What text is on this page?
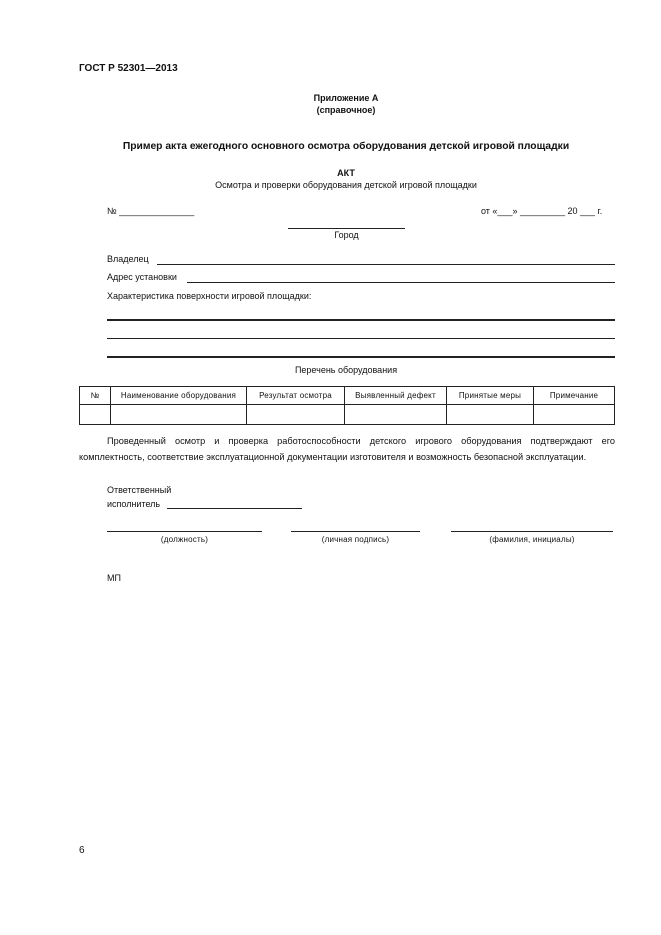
ГОСТ Р 52301—2013
Приложение А
(справочное)
Пример акта ежегодного основного осмотра оборудования детской игровой площадки
АКТ
Осмотра и проверки оборудования детской игровой площадки
№ _______________	от «___» _________ 20 ___ г.
Город
Владелец
Адрес установки
Характеристика поверхности игровой площадки:
Перечень оборудования
№	Наименование оборудования	Результат осмотра	Выявленный дефект	Принятые меры	Примечание

Проведенный осмотр и проверка работоспособности детского игрового оборудования подтверждают его комплектность, соответствие эксплуатационной документации изготовителя и возможность безопасной эксплуатации.
Ответственный
исполнитель
(должность)	(личная подпись)	(фамилия, инициалы)
МП
6
